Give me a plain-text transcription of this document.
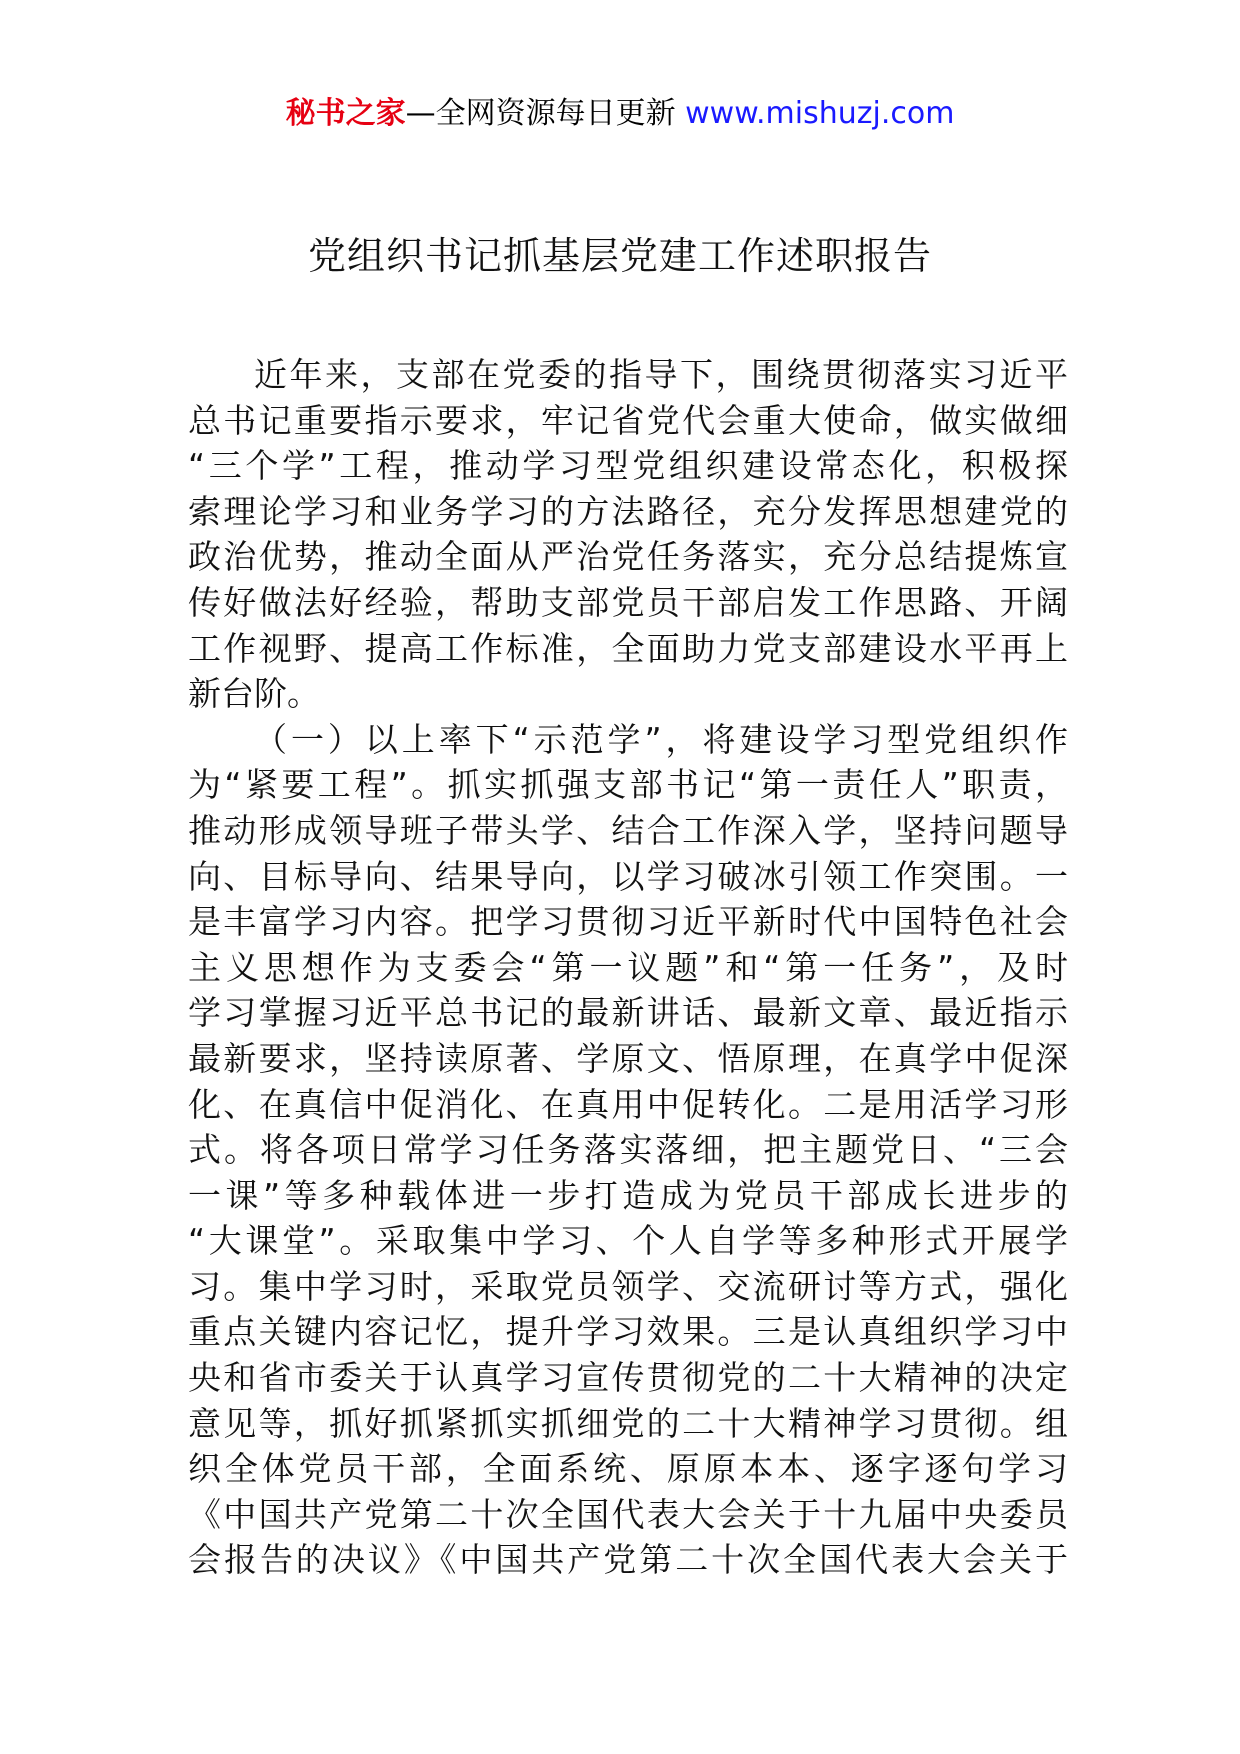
秘书之家—全网资源每日更新 www.mishuzj.com
党组织书记抓基层党建工作述职报告
近年来，支部在党委的指导下，围绕贯彻落实习近平
总书记重要指示要求，牢记省党代会重大使命，做实做细
“三个学”工程，推动学习型党组织建设常态化，积极探
索理论学习和业务学习的方法路径，充分发挥思想建党的
政治优势，推动全面从严治党任务落实，充分总结提炼宣
传好做法好经验，帮助支部党员干部启发工作思路、开阔
工作视野、提高工作标准，全面助力党支部建设水平再上
新台阶。
（一）以上率下“示范学”，将建设学习型党组织作
为“紧要工程”。抓实抓强支部书记“第一责任人”职责，
推动形成领导班子带头学、结合工作深入学，坚持问题导
向、目标导向、结果导向，以学习破冰引领工作突围。一
是丰富学习内容。把学习贯彻习近平新时代中国特色社会
主义思想作为支委会“第一议题”和“第一任务”，及时
学习掌握习近平总书记的最新讲话、最新文章、最近指示
最新要求，坚持读原著、学原文、悟原理，在真学中促深
化、在真信中促消化、在真用中促转化。二是用活学习形
式。将各项日常学习任务落实落细，把主题党日、“三会
一课”等多种载体进一步打造成为党员干部成长进步的
“大课堂”。采取集中学习、个人自学等多种形式开展学
习。集中学习时，采取党员领学、交流研讨等方式，强化
重点关键内容记忆，提升学习效果。三是认真组织学习中
央和省市委关于认真学习宣传贯彻党的二十大精神的决定
意见等，抓好抓紧抓实抓细党的二十大精神学习贯彻。组
织全体党员干部，全面系统、原原本本、逐字逐句学习
《中国共产党第二十次全国代表大会关于十九届中央委员
会报告的决议》《中国共产党第二十次全国代表大会关于
